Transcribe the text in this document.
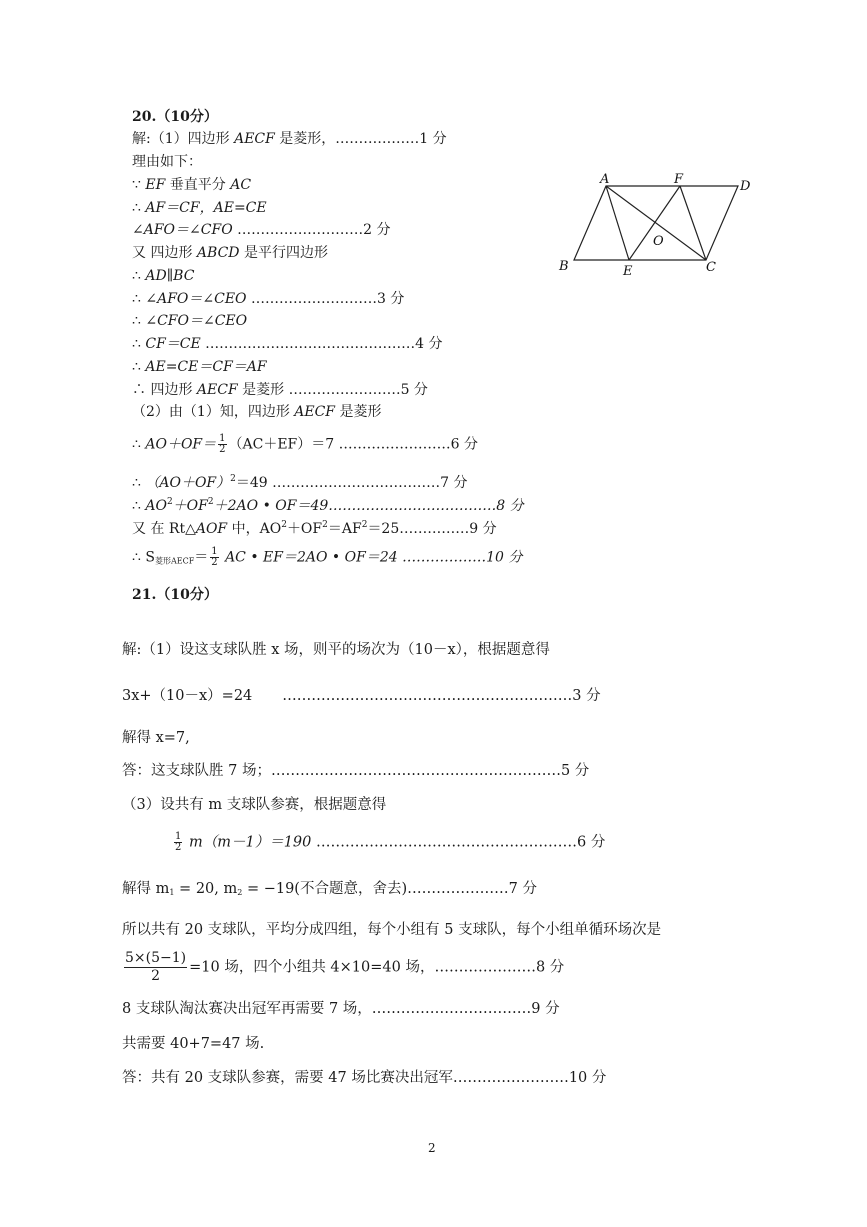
20.（10分）
解:（1）四边形 AECF 是菱形，………………1 分
理由如下：
∵ EF 垂直平分 AC
∴ AF＝CF，AE=CE
∠AFO＝∠CFO ………………………2 分
又 四边形 ABCD 是平行四边形
∴ AD∥BC
∴ ∠AFO＝∠CEO ………………………3 分
∴ ∠CFO＝∠CEO
∴ CF＝CE ………………………………………4 分
∴ AE=CE＝CF＝AF
∴ 四边形 AECF 是菱形 ……………………5 分
（2）由（1）知，四边形 AECF 是菱形
∴ $AO+OF= \frac{1}{2} (AC+EF)=7$ ……………………6 分
∴ $(AO+OF)^2=49$ ………………………………7 分
∴ $AO^2+OF^2+2AO$ • OF＝49………………………………8 分
又 在 Rt△AOF 中，$AO^2+OF^2=AF^2=25\dots\dots\dots\dots\dots 9$ 分
∴ $S_{菱形AECF}= \frac{1}{2}$ AC • EF＝2AO • OF＝24 ………………10 分
A	F	D
B	E	C
O
21.（10分）
解:（1）设这支球队胜 x 场，则平的场次为（10－x），根据题意得
3x+（10－x）=24 ……………………………………………………3 分
解得 x=7,
答：这支球队胜 7 场；……………………………………………………5 分
（3）设共有 m 支球队参赛，根据题意得
$\frac{1}{2} m(m-1)=190$ ………………………………………………6 分
解得 $m_1 = 20$, $m_2 = -19$(不合题意，舍去)…………………7 分
所以共有 20 支球队，平均分成四组，每个小组有 5 支球队，每个小组单循环场次是
$\frac{5\times(5-1)}{2} =10$ 场，四个小组共 4×10=40 场，…………………8 分
8 支球队淘汰赛决出冠军再需要 7 场，……………………………9 分
共需要 40+7=47 场.
答：共有 20 支球队参赛，需要 47 场比赛决出冠军……………………10 分
2
